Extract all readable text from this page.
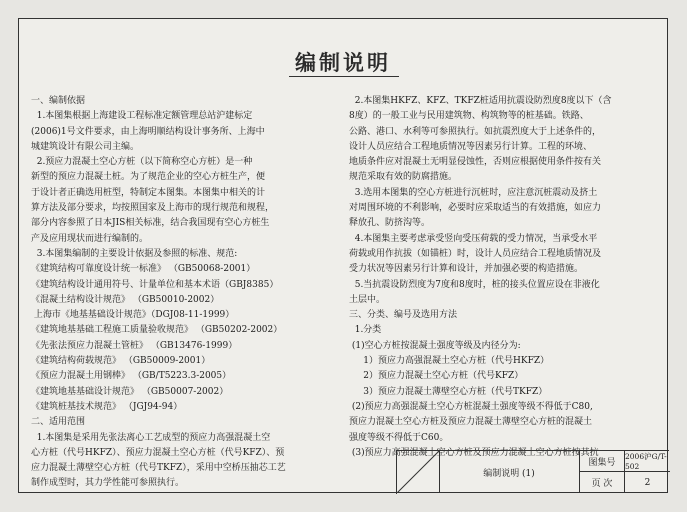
编制说明

一、编制依据

1.本图集根据上海建设工程标准定额管理总站沪建标定

(2006)1号文件要求，由上海明顺结构设计事务所、上海中

城建筑设计有限公司主编。

2.预应力混凝土空心方桩（以下简称空心方桩）是一种

新型的预应力混凝土桩。为了规范企业的空心方桩生产，便

于设计者正确选用桩型，特制定本图集。本图集中相关的计

算方法及部分要求，均按照国家及上海市的现行规范和规程，

部分内容参照了日本JIS相关标准，结合我国现有空心方桩生

产及应用现状而进行编制的。

3.本图集编制的主要设计依据及参照的标准、规范:

《建筑结构可靠度设计统一标准》 （GB50068-2001）

《建筑结构设计通用符号、计量单位和基本术语（GBJ8385）

《混凝土结构设计规范》 （GB50010-2002）

上海市《地基基础设计规范》（DGJ08-11-1999）

《建筑地基基础工程施工质量验收规范》 （GB50202-2002）

《先张法预应力混凝土管桩》 （GB13476-1999）

《建筑结构荷载规范》 （GB50009-2001）

《预应力混凝土用钢棒》 （GB/T5223.3-2005）

《建筑地基基础设计规范》 （GB50007-2002）

《建筑桩基技术规范》 （JGJ94-94）

二、适用范围

1.本图集是采用先张法离心工艺成型的预应力高强混凝土空

心方桩（代号HKFZ）、预应力混凝土空心方桩（代号KFZ）、预

应力混凝土薄壁空心方桩（代号TKFZ），采用中空桥压抽芯工艺

制作成型时，其力学性能可参照执行。

2.本图集HKFZ、KFZ、TKFZ桩适用抗震设防烈度8度以下（含

8度）的一般工业与民用建筑物、构筑物等的桩基础。铁路、

公路、港口、水利等可参照执行。如抗震烈度大于上述条件的，

设计人员应结合工程地质情况等因素另行计算。工程的环境、

地质条件应对混凝土无明显侵蚀性，否则应根据使用条件按有关

规范采取有效的防腐措施。

3.选用本图集的空心方桩进行沉桩时，应注意沉桩震动及挤土

对周围环境的不利影响，必要时应采取适当的有效措施，如应力

释放孔、防挤沟等。

4.本图集主要考虑承受竖向受压荷载的受力情况，当承受水平

荷载或用作抗拔（如锚桩）时，设计人员应结合工程地质情况及

受力状况等因素另行计算和设计，并加强必要的构造措施。

5.当抗震设防烈度为7度和8度时，桩的接头位置应设在非液化

土层中。

三、分类、编号及选用方法

1.分类

(1)空心方桩按混凝土强度等级及内径分为:

1）预应力高强混凝土空心方桩（代号HKFZ）

2）预应力混凝土空心方桩（代号KFZ）

3）预应力混凝土薄壁空心方桩（代号TKFZ）

(2)预应力高强混凝土空心方桩混凝土强度等级不得低于C80,

预应力混凝土空心方桩及预应力混凝土薄壁空心方桩的混凝土

强度等级不得低于C60。

(3)预应力高强混凝土空心方桩及预应力混凝土空心方桩按其抗

编制说明 (1)
图集号
2006沪G/T-502
页 次	2
